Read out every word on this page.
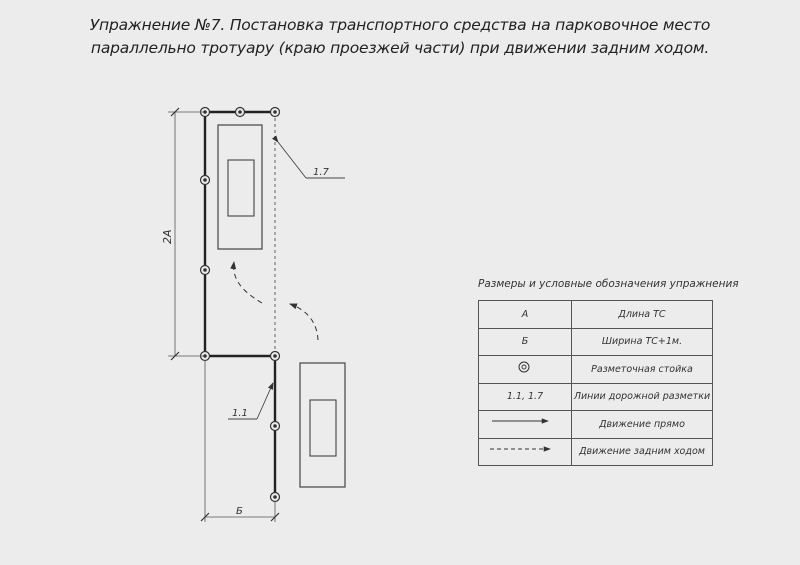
Упражнение №7. Постановка транспортного средства на парковочное место
параллельно тротуару (краю проезжей части) при движении задним ходом.
2А
Б
1.7
1.1
Размеры и условные обозначения упражнения
А	Длина ТС
Б	Ширина ТС+1м.
	Разметочная стойка
1.1, 1.7	Линии дорожной разметки
	Движение прямо
	Движение задним ходом
